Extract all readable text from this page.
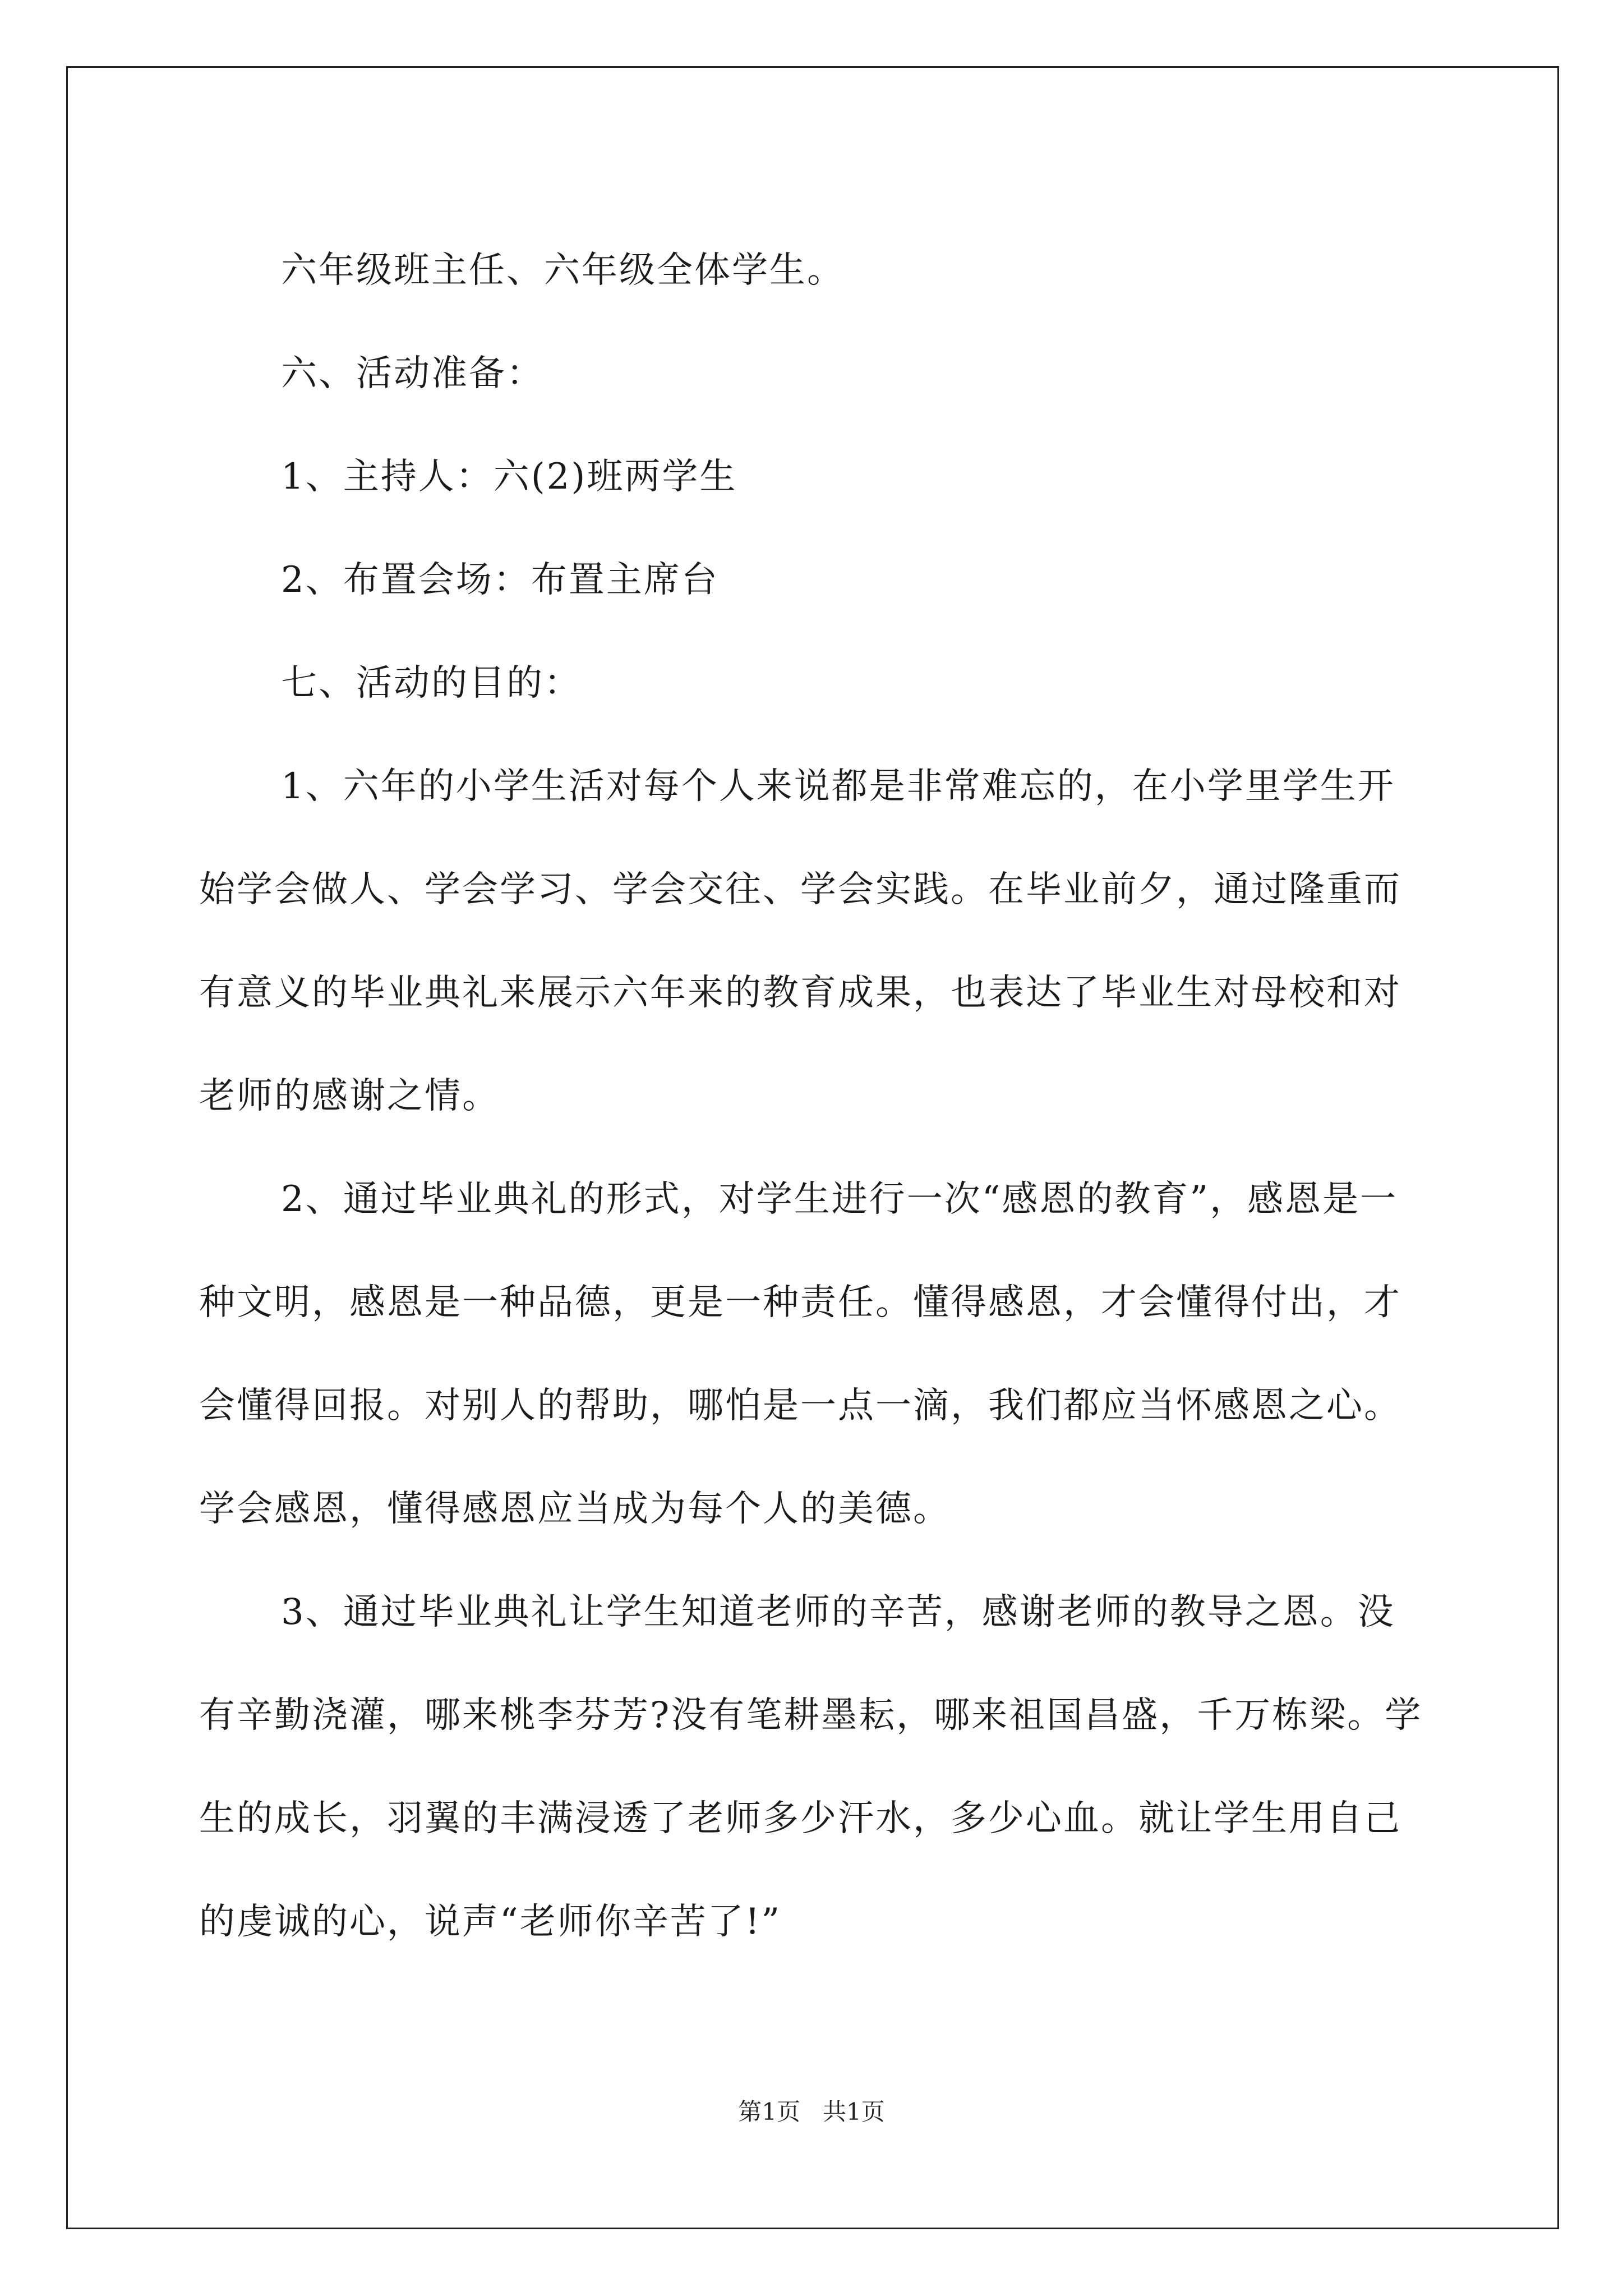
六年级班主任、六年级全体学生。

六、活动准备：

1、主持人：六(2)班两学生

2、布置会场：布置主席台

七、活动的目的：

1、六年的小学生活对每个人来说都是非常难忘的，在小学里学生开始学会做人、学会学习、学会交往、学会实践。在毕业前夕，通过隆重而有意义的毕业典礼来展示六年来的教育成果，也表达了毕业生对母校和对老师的感谢之情。

2、通过毕业典礼的形式，对学生进行一次“感恩的教育”，感恩是一种文明，感恩是一种品德，更是一种责任。懂得感恩，才会懂得付出，才会懂得回报。对别人的帮助，哪怕是一点一滴，我们都应当怀感恩之心。学会感恩，懂得感恩应当成为每个人的美德。

3、通过毕业典礼让学生知道老师的辛苦，感谢老师的教导之恩。没有辛勤浇灌，哪来桃李芬芳?没有笔耕墨耘，哪来祖国昌盛，千万栋梁。学生的成长，羽翼的丰满浸透了老师多少汗水，多少心血。就让学生用自己的虔诚的心，说声“老师你辛苦了!”

第1页 共1页
